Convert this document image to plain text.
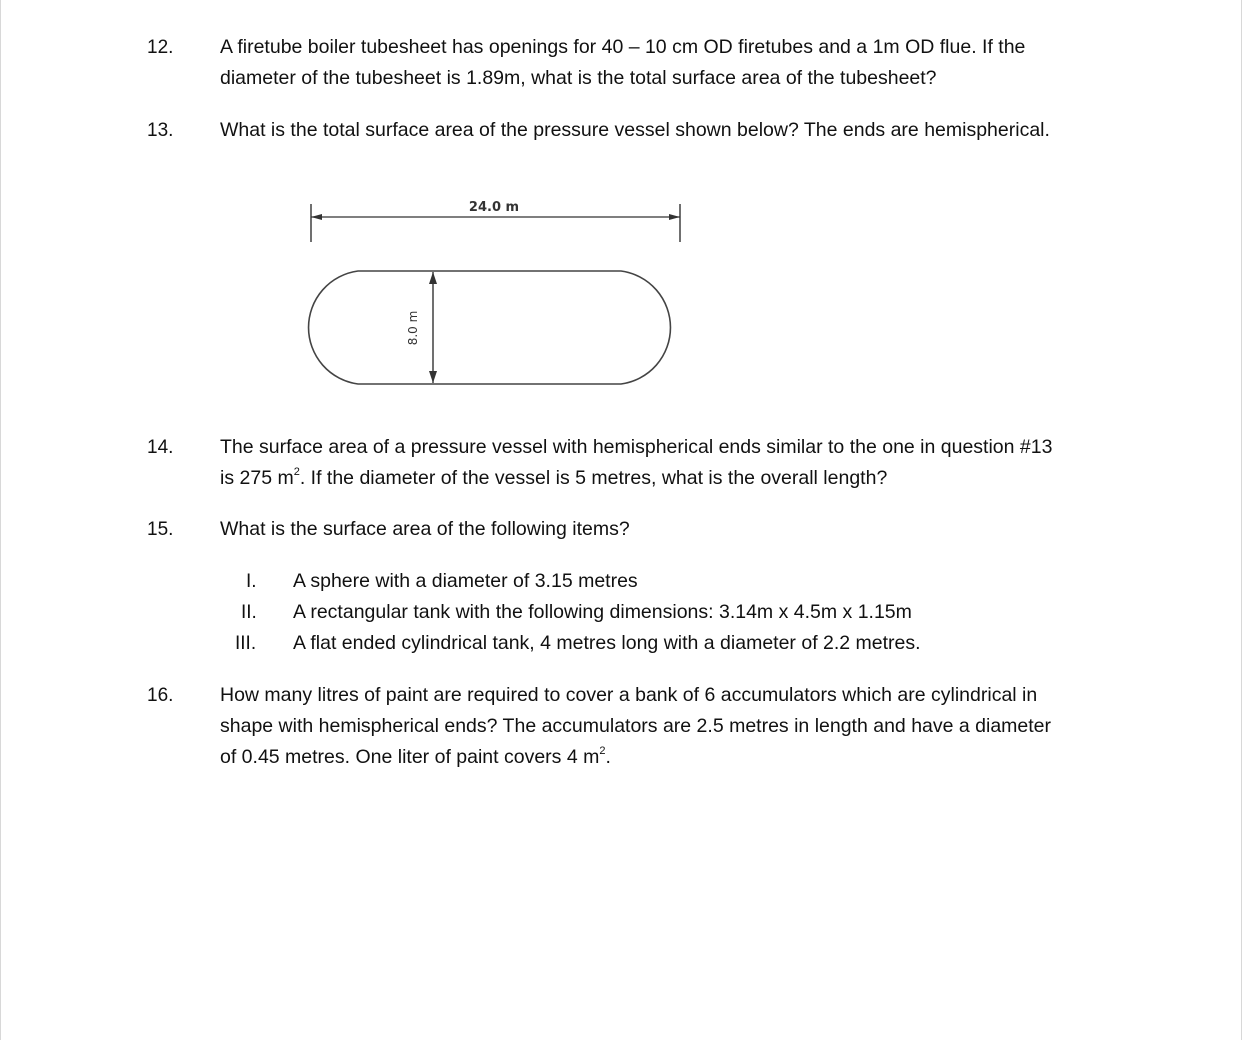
12. A firetube boiler tubesheet has openings for 40 – 10 cm OD firetubes and a 1m OD flue. If the
diameter of the tubesheet is 1.89m, what is the total surface area of the tubesheet?
13. What is the total surface area of the pressure vessel shown below? The ends are hemispherical.
24.0 m
8.0 m
14. The surface area of a pressure vessel with hemispherical ends similar to the one in question #13
is 275 $m^2$. If the diameter of the vessel is 5 metres, what is the overall length?
15. What is the surface area of the following items?
I. A sphere with a diameter of 3.15 metres
II. A rectangular tank with the following dimensions: 3.14m x 4.5m x 1.15m
III. A flat ended cylindrical tank, 4 metres long with a diameter of 2.2 metres.
16. How many litres of paint are required to cover a bank of 6 accumulators which are cylindrical in
shape with hemispherical ends? The accumulators are 2.5 metres in length and have a diameter
of 0.45 metres. One liter of paint covers 4 $m^2$.
